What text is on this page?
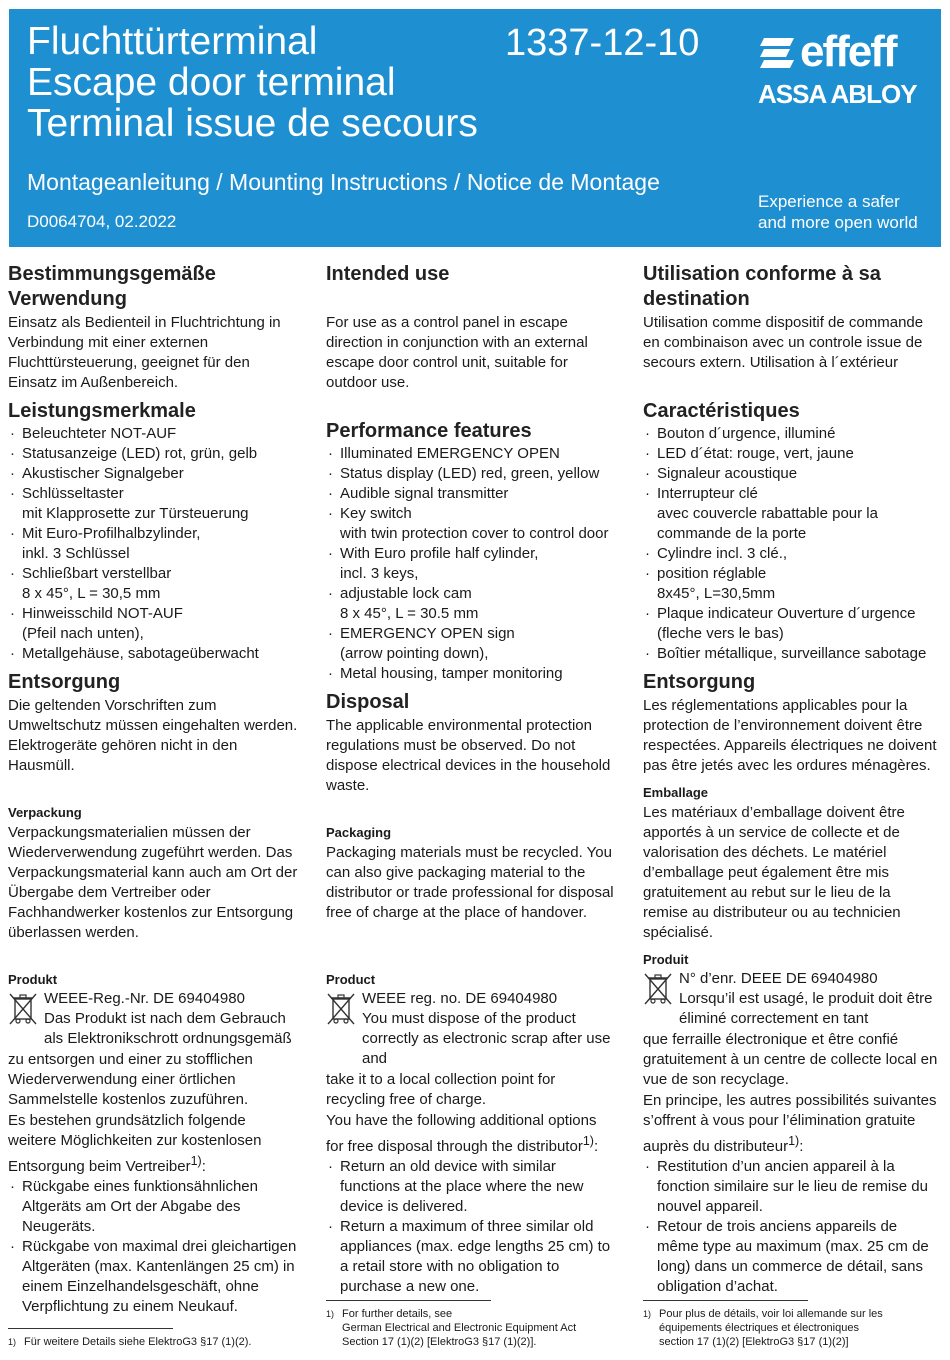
Fluchttürterminal
Escape door terminal
Terminal issue de secours
1337-12-10 effeff
ASSA ABLOY
Montageanleitung / Mounting Instructions / Notice de Montage
D0064704, 02.2022
Experience a safer
and more open world
Bestimmungsgemäße Verwendung

Einsatz als Bedienteil in Fluchtrichtung in Verbindung mit einer externen Fluchttürsteuerung, geeignet für den Einsatz im Außenbereich.

Leistungsmerkmale
· Beleuchteter NOT-AUF
· Statusanzeige (LED) rot, grün, gelb
· Akustischer Signalgeber
· Schlüsseltaster
mit Klapprosette zur Türsteuerung
· Mit Euro-Profilhalbzylinder,
inkl. 3 Schlüssel
· Schließbart verstellbar
8 x 45°, L = 30,5 mm
· Hinweisschild NOT-AUF
(Pfeil nach unten),
· Metallgehäuse, sabotageüberwacht
Entsorgung

Die geltenden Vorschriften zum Umweltschutz müssen eingehalten werden. Elektrogeräte gehören nicht in den Hausmüll.

Verpackung

Verpackungsmaterialien müssen der Wiederverwendung zugeführt werden. Das Verpackungsmaterial kann auch am Ort der Übergabe dem Vertreiber oder Fachhandwerker kostenlos zur Entsorgung überlassen werden.

Produkt
WEEE-Reg.-Nr. DE 69404980
Das Produkt ist nach dem Gebrauch als Elektronikschrott ordnungsgemäß

zu entsorgen und einer zu stofflichen Wiederverwendung einer örtlichen Sammelstelle kostenlos zuzuführen.

Es bestehen grundsätzlich folgende weitere Möglichkeiten zur kostenlosen Entsorgung beim Vertreiber$^{1)}$:

· Rückgabe eines funktionsähnlichen Altgeräts am Ort der Abgabe des Neugeräts.
· Rückgabe von maximal drei gleichartigen Altgeräten (max. Kantenlängen 25 cm) in einem Einzelhandelsgeschäft, ohne Verpflichtung zu einem Neukauf.
Intended use

For use as a control panel in escape direction in conjunction with an external escape door control unit, suitable for outdoor use.

Performance features
· Illuminated EMERGENCY OPEN
· Status display (LED) red, green, yellow
· Audible signal transmitter
· Key switch
with twin protection cover to control door
· With Euro profile half cylinder,
incl. 3 keys,
· adjustable lock cam
8 x 45°, L = 30.5 mm
· EMERGENCY OPEN sign
(arrow pointing down),
· Metal housing, tamper monitoring
Disposal

The applicable environmental protection regulations must be observed. Do not dispose electrical devices in the household waste.

Packaging

Packaging materials must be recycled. You can also give packaging material to the distributor or trade professional for disposal free of charge at the place of handover.

Product
WEEE reg. no. DE 69404980
You must dispose of the product correctly as electronic scrap after use and

take it to a local collection point for recycling free of charge.

You have the following additional options for free disposal through the distributor$^{1)}$:

· Return an old device with similar functions at the place where the new device is delivered.
· Return a maximum of three similar old appliances (max. edge lengths 25 cm) to a retail store with no obligation to purchase a new one.
Utilisation conforme à sa destination

Utilisation comme dispositif de commande en combinaison avec un controle issue de secours extern. Utilisation à l´extérieur

Caractéristiques
· Bouton d´urgence, illuminé
· LED d´état: rouge, vert, jaune
· Signaleur acoustique
· Interrupteur clé
avec couvercle rabattable pour la commande de la porte
· Cylindre incl. 3 clé.,
· position réglable
8x45°, L=30,5mm
· Plaque indicateur Ouverture d´urgence
(fleche vers le bas)
· Boîtier métallique, surveillance sabotage
Entsorgung

Les réglementations applicables pour la protection de l’environnement doivent être respectées. Appareils électriques ne doivent pas être jetés avec les ordures ménagères.

Emballage

Les matériaux d’emballage doivent être apportés à un service de collecte et de valorisation des déchets. Le matériel d’emballage peut également être mis gratuitement au rebut sur le lieu de la remise au distributeur ou au technicien spécialisé.

Produit
N° d’enr. DEEE DE 69404980
Lorsqu’il est usagé, le produit doit être éliminé correctement en tant

que ferraille électronique et être confié gratuitement à un centre de collecte local en vue de son recyclage.

En principe, les autres possibilités suivantes s’offrent à vous pour l’élimination gratuite auprès du distributeur$^{1)}$:

· Restitution d’un ancien appareil à la fonction similaire sur le lieu de remise du nouvel appareil.
· Retour de trois anciens appareils de même type au maximum (max. 25 cm de long) dans un commerce de détail, sans obligation d’achat.
1) Für weitere Details siehe ElektroG3 §17 (1)(2).
1) For further details, see
German Electrical and Electronic Equipment Act
Section 17 (1)(2) [ElektroG3 §17 (1)(2)].
1) Pour plus de détails, voir loi allemande sur les équipements électriques et électroniques
section 17 (1)(2) [ElektroG3 §17 (1)(2)]
